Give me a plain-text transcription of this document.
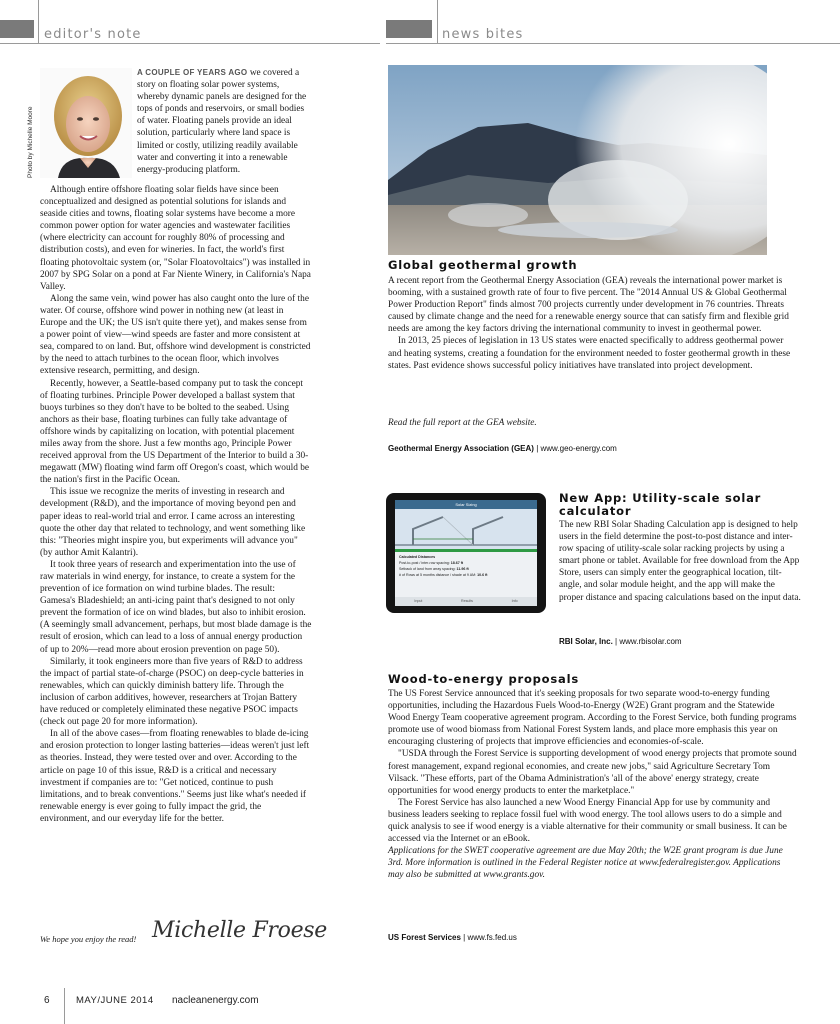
editor's note	news bites
Photo by Michelle Moore

A COUPLE OF YEARS AGO we covered a story on floating solar power systems, whereby dynamic panels are designed for the tops of ponds and reservoirs, or small bodies of water. Floating panels provide an ideal solution, particularly where land space is limited or costly, utilizing readily available water and converting it into a renewable energy-producing platform.

Although entire offshore floating solar fields have since been conceptualized and designed as potential solutions for islands and seaside cities and towns, floating solar systems have become a more common power option for water agencies and wastewater facilities (where electricity can account for roughly 80% of processing and distribution costs), and even for wineries. In fact, the world's first floating photovoltaic system (or, "Solar Floatovoltaics") was installed in 2007 by SPG Solar on a pond at Far Niente Winery, in California's Napa Valley.

Along the same vein, wind power has also caught onto the lure of the water. Of course, offshore wind power in nothing new (at least in Europe and the UK; the US isn't quite there yet), and makes sense from a power point of view—wind speeds are faster and more consistent at sea, compared to on land. But, offshore wind development is constricted by the need to attach turbines to the ocean floor, which involves extensive research, permitting, and design.

Recently, however, a Seattle-based company put to task the concept of floating turbines. Principle Power developed a ballast system that buoys turbines so they don't have to be bolted to the seabed. Using anchors as their base, floating turbines can fully take advantage of offshore winds by capitalizing on location, with potential placement miles away from the shore. Just a few months ago, Principle Power received approval from the US Department of the Interior to build a 30-megawatt (MW) floating wind farm off Oregon's coast, which would be the nation's first in the Pacific Ocean.

This issue we recognize the merits of investing in research and development (R&D), and the importance of moving beyond pen and paper ideas to real-world trial and error. I came across an interesting quote the other day that related to technology, and went something like this: "Theories might inspire you, but experiments will advance you" (by author Amit Kalantri).

It took three years of research and experimentation into the use of raw materials in wind energy, for instance, to create a system for the prevention of ice formation on wind turbine blades. The result: Gamesa's Bladeshield; an anti-icing paint that's designed to not only prevent the formation of ice on wind blades, but also to inhibit erosion. (A seemingly small advancement, perhaps, but most blade damage is the result of erosion, which can lead to a loss of annual energy production of up to 20%—read more about erosion prevention on page 50).

Similarly, it took engineers more than five years of R&D to address the impact of partial state-of-charge (PSOC) on deep-cycle batteries in renewables, which can quickly diminish battery life. Through the inclusion of carbon additives, however, researchers at Trojan Battery have reduced or completely eliminated these negative PSOC impacts (check out page 20 for more information).

In all of the above cases—from floating renewables to blade de-icing and erosion protection to longer lasting batteries—ideas weren't just left as theories. Instead, they were tested over and over. According to the article on page 10 of this issue, R&D is a critical and necessary investment if companies are to: "Get noticed, continue to push limitations, and to break conventions." Seems just like what's needed if renewable energy is ever going to fully impact the grid, the environment, and our everyday life for the better.

We hope you enjoy the read! Michelle Froese
Global geothermal growth

A recent report from the Geothermal Energy Association (GEA) reveals the international power market is booming, with a sustained growth rate of four to five percent. The "2014 Annual US & Global Geothermal Power Production Report" finds almost 700 projects currently under development in 76 countries. Threats caused by climate change and the need for a renewable energy source that can satisfy firm and flexible grid needs are among the key factors driving the international community to invest in geothermal power.

In 2013, 25 pieces of legislation in 13 US states were enacted specifically to address geothermal power and heating systems, creating a foundation for the environment needed to foster geothermal growth in these states. Past evidence shows successful policy initiatives have translated into project development.

Read the full report at the GEA website.
Geothermal Energy Association (GEA) | www.geo-energy.com
Solar Sizing
Calculated Distances
Post-to-post / inter-row spacing: 18.67 ft
Setback of land from array spacing: 11.96 ft
# of Rows at 5 months distance / shade at 9 AM: 10.6 ft
Input	Results	Info
New App: Utility-scale solar calculator

The new RBI Solar Shading Calculation app is designed to help users in the field determine the post-to-post distance and inter-row spacing of utility-scale solar racking projects by using a smart phone or tablet. Available for free download from the App Store, users can simply enter the geographical location, tilt-angle, and solar module height, and the app will make the proper distance and spacing calculations based on the input data.

RBI Solar, Inc. | www.rbisolar.com
Wood-to-energy proposals

The US Forest Service announced that it's seeking proposals for two separate wood-to-energy funding opportunities, including the Hazardous Fuels Wood-to-Energy (W2E) Grant program and the Statewide Wood Energy Team cooperative agreement program. According to the Forest Service, both funding programs promote use of wood biomass from National Forest System lands, and place more emphasis this year on encouraging clustering of projects that improve efficiencies and economies-of-scale.

"USDA through the Forest Service is supporting development of wood energy projects that promote sound forest management, expand regional economies, and create new jobs," said Agriculture Secretary Tom Vilsack. "These efforts, part of the Obama Administration's 'all of the above' energy strategy, create opportunities for wood energy products to enter the marketplace."

The Forest Service has also launched a new Wood Energy Financial App for use by community and business leaders seeking to replace fossil fuel with wood energy. The tool allows users to do a simple and quick analysis to see if wood energy is a viable alternative for their community or small business. It can be accessed via the Internet or an eBook.

Applications for the SWET cooperative agreement are due May 20th; the W2E grant program is due June 3rd. More information is outlined in the Federal Register notice at www.federalregister.gov. Applications may also be submitted at www.grants.gov.

US Forest Services | www.fs.fed.us
6	MAY/JUNE 2014 nacleanenergy.com
